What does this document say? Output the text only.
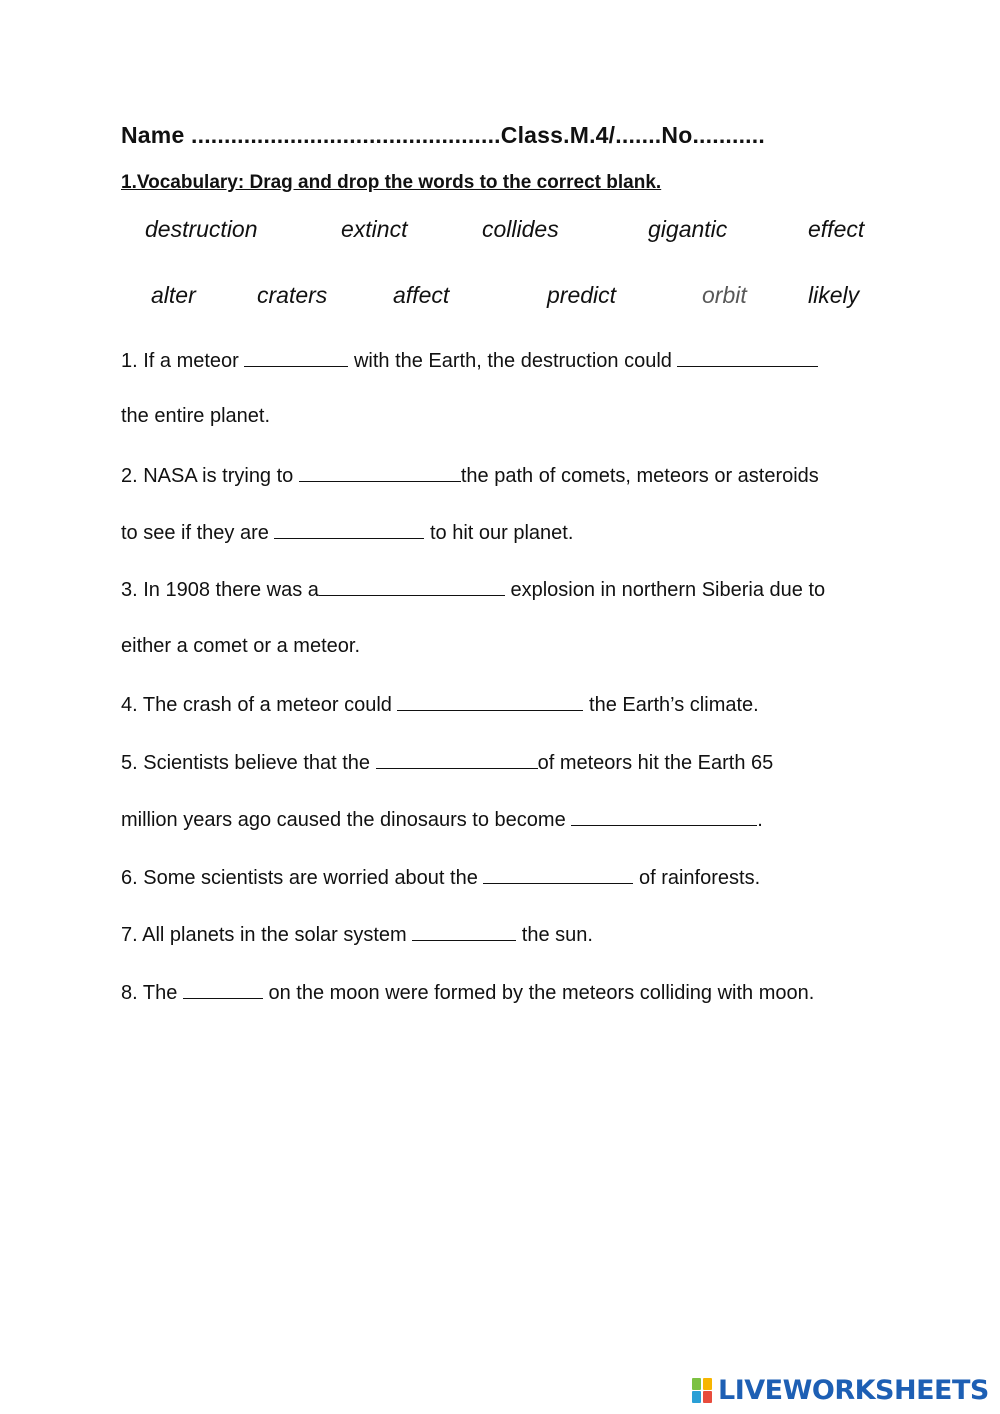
Name ...............................................Class.M.4/.......No...........
1.Vocabulary: Drag and drop the words to the correct blank.
destruction	extinct	collides	gigantic	effect
alter	craters	affect	predict	orbit	likely
1. If a meteor	with the Earth, the destruction could
the entire planet.
2. NASA is trying to	the path of comets, meteors or asteroids
to see if they are	to hit our planet.
3. In 1908 there was a	explosion in northern Siberia due to
either a comet or a meteor.
4. The crash of a meteor could	the Earth’s climate.
5. Scientists believe that the	of meteors hit the Earth 65
million years ago caused the dinosaurs to become	.
6. Some scientists are worried about the	of rainforests.
7. All planets in the solar system	the sun.
8. The	on the moon were formed by the meteors colliding with moon.
LIVEWORKSHEETS
